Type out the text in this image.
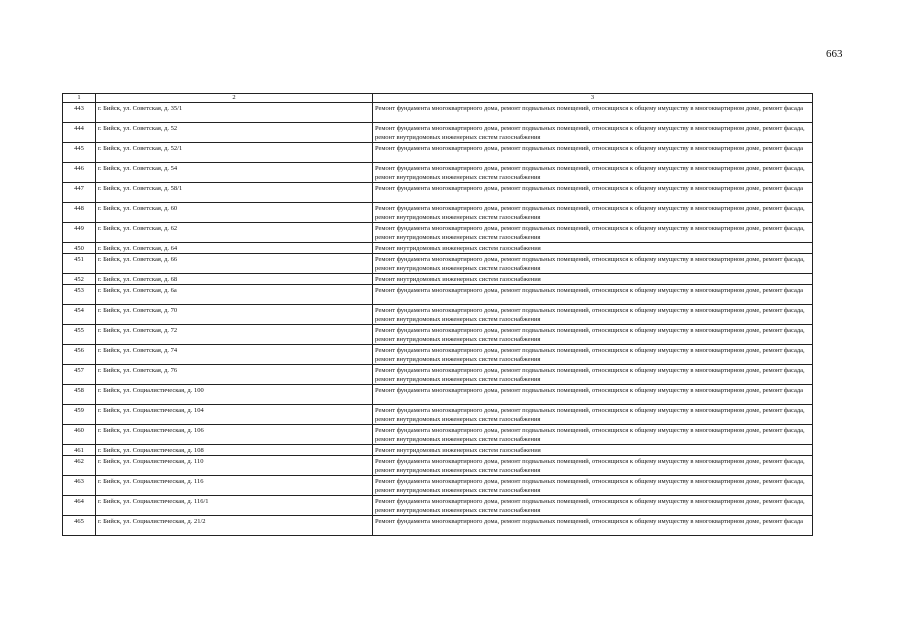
663
1	2	3
443	г. Бийск, ул. Советская, д. 35/1	Ремонт фундамента многоквартирного дома, ремонт подвальных помещений, относящихся к общему имуществу в многоквартирном доме, ремонт фасада
444	г. Бийск, ул. Советская, д. 52	Ремонт фундамента многоквартирного дома, ремонт подвальных помещений, относящихся к общему имуществу в многоквартирном доме, ремонт фасада, ремонт внутридомовых инженерных систем газоснабжения
445	г. Бийск, ул. Советская, д. 52/1	Ремонт фундамента многоквартирного дома, ремонт подвальных помещений, относящихся к общему имуществу в многоквартирном доме, ремонт фасада
446	г. Бийск, ул. Советская, д. 54	Ремонт фундамента многоквартирного дома, ремонт подвальных помещений, относящихся к общему имуществу в многоквартирном доме, ремонт фасада, ремонт внутридомовых инженерных систем газоснабжения
447	г. Бийск, ул. Советская, д. 58/1	Ремонт фундамента многоквартирного дома, ремонт подвальных помещений, относящихся к общему имуществу в многоквартирном доме, ремонт фасада
448	г. Бийск, ул. Советская, д. 60	Ремонт фундамента многоквартирного дома, ремонт подвальных помещений, относящихся к общему имуществу в многоквартирном доме, ремонт фасада, ремонт внутридомовых инженерных систем газоснабжения
449	г. Бийск, ул. Советская, д. 62	Ремонт фундамента многоквартирного дома, ремонт подвальных помещений, относящихся к общему имуществу в многоквартирном доме, ремонт фасада, ремонт внутридомовых инженерных систем газоснабжения
450	г. Бийск, ул. Советская, д. 64	Ремонт внутридомовых инженерных систем газоснабжения
451	г. Бийск, ул. Советская, д. 66	Ремонт фундамента многоквартирного дома, ремонт подвальных помещений, относящихся к общему имуществу в многоквартирном доме, ремонт фасада, ремонт внутридомовых инженерных систем газоснабжения
452	г. Бийск, ул. Советская, д. 68	Ремонт внутридомовых инженерных систем газоснабжения
453	г. Бийск, ул. Советская, д. 6а	Ремонт фундамента многоквартирного дома, ремонт подвальных помещений, относящихся к общему имуществу в многоквартирном доме, ремонт фасада
454	г. Бийск, ул. Советская, д. 70	Ремонт фундамента многоквартирного дома, ремонт подвальных помещений, относящихся к общему имуществу в многоквартирном доме, ремонт фасада, ремонт внутридомовых инженерных систем газоснабжения
455	г. Бийск, ул. Советская, д. 72	Ремонт фундамента многоквартирного дома, ремонт подвальных помещений, относящихся к общему имуществу в многоквартирном доме, ремонт фасада, ремонт внутридомовых инженерных систем газоснабжения
456	г. Бийск, ул. Советская, д. 74	Ремонт фундамента многоквартирного дома, ремонт подвальных помещений, относящихся к общему имуществу в многоквартирном доме, ремонт фасада, ремонт внутридомовых инженерных систем газоснабжения
457	г. Бийск, ул. Советская, д. 76	Ремонт фундамента многоквартирного дома, ремонт подвальных помещений, относящихся к общему имуществу в многоквартирном доме, ремонт фасада, ремонт внутридомовых инженерных систем газоснабжения
458	г. Бийск, ул. Социалистическая, д. 100	Ремонт фундамента многоквартирного дома, ремонт подвальных помещений, относящихся к общему имуществу в многоквартирном доме, ремонт фасада
459	г. Бийск, ул. Социалистическая, д. 104	Ремонт фундамента многоквартирного дома, ремонт подвальных помещений, относящихся к общему имуществу в многоквартирном доме, ремонт фасада, ремонт внутридомовых инженерных систем газоснабжения
460	г. Бийск, ул. Социалистическая, д. 106	Ремонт фундамента многоквартирного дома, ремонт подвальных помещений, относящихся к общему имуществу в многоквартирном доме, ремонт фасада, ремонт внутридомовых инженерных систем газоснабжения
461	г. Бийск, ул. Социалистическая, д. 108	Ремонт внутридомовых инженерных систем газоснабжения
462	г. Бийск, ул. Социалистическая, д. 110	Ремонт фундамента многоквартирного дома, ремонт подвальных помещений, относящихся к общему имуществу в многоквартирном доме, ремонт фасада, ремонт внутридомовых инженерных систем газоснабжения
463	г. Бийск, ул. Социалистическая, д. 116	Ремонт фундамента многоквартирного дома, ремонт подвальных помещений, относящихся к общему имуществу в многоквартирном доме, ремонт фасада, ремонт внутридомовых инженерных систем газоснабжения
464	г. Бийск, ул. Социалистическая, д. 116/1	Ремонт фундамента многоквартирного дома, ремонт подвальных помещений, относящихся к общему имуществу в многоквартирном доме, ремонт фасада, ремонт внутридомовых инженерных систем газоснабжения
465	г. Бийск, ул. Социалистическая, д. 21/2	Ремонт фундамента многоквартирного дома, ремонт подвальных помещений, относящихся к общему имуществу в многоквартирном доме, ремонт фасада
